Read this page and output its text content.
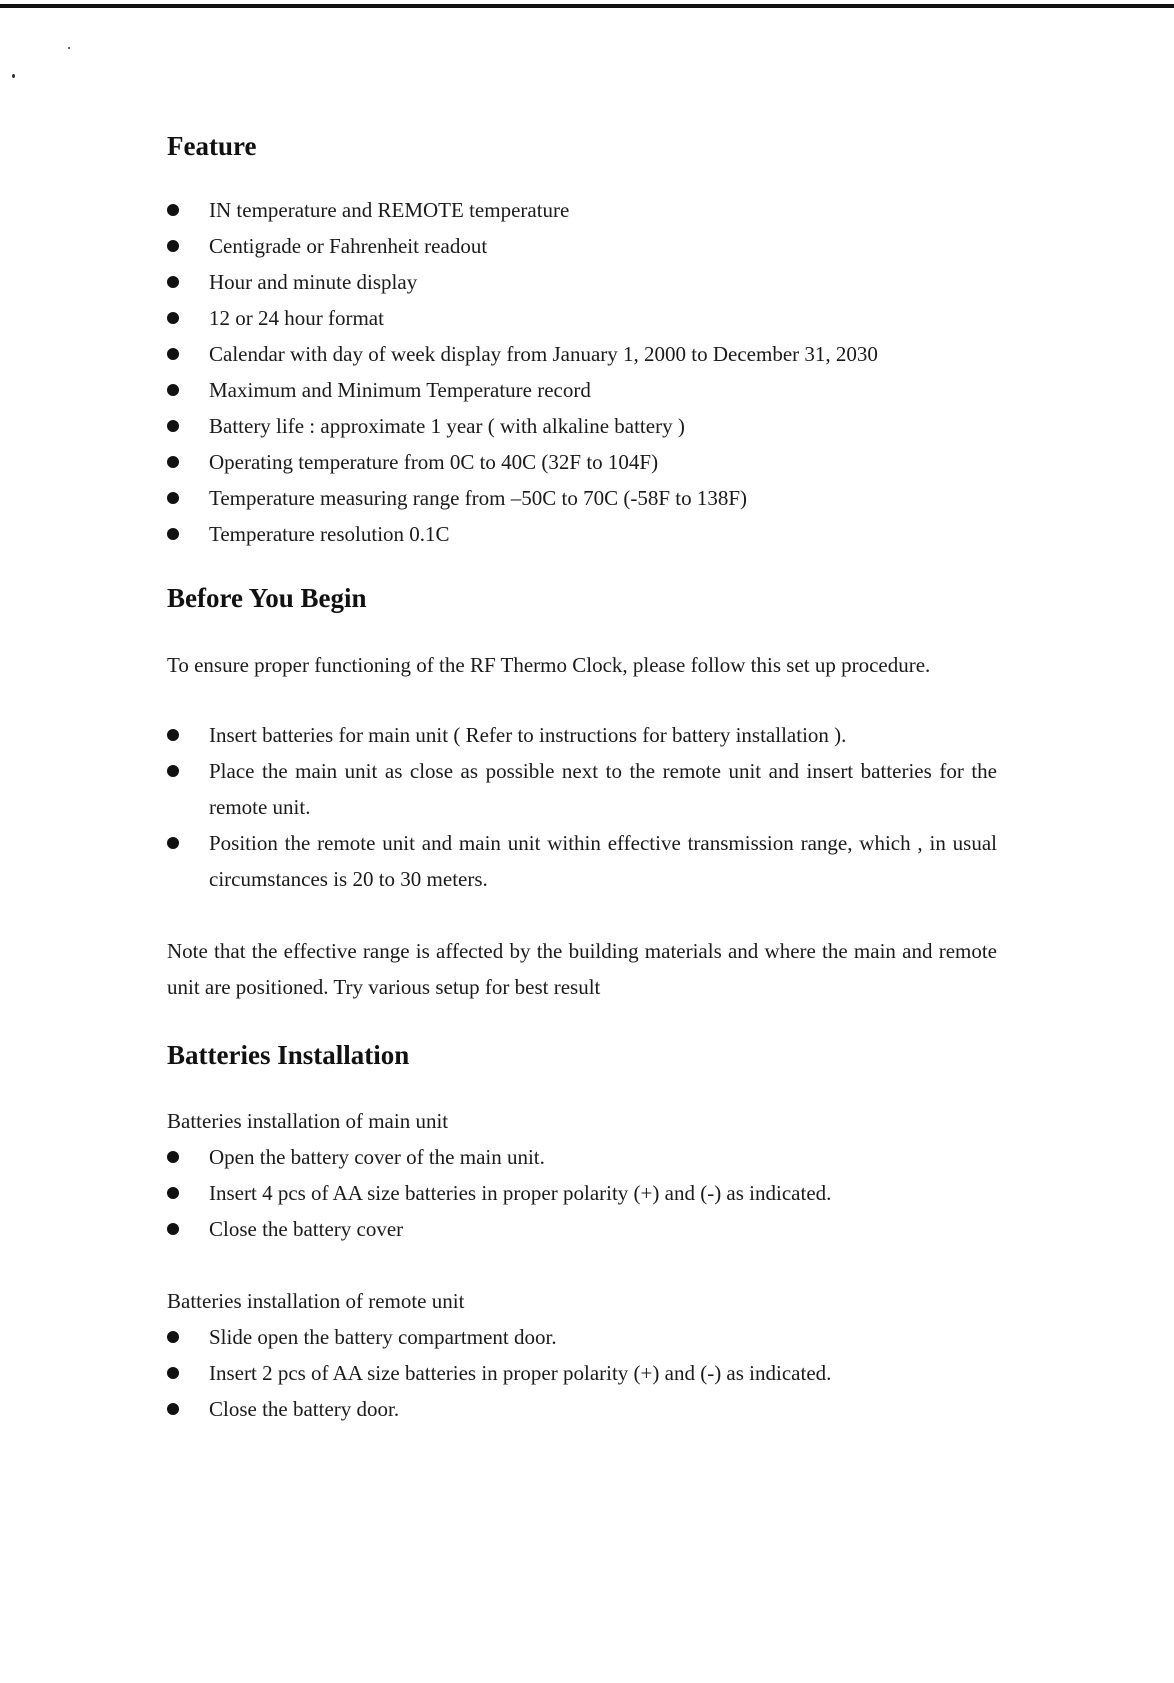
Feature
IN temperature and REMOTE temperature
Centigrade or Fahrenheit readout
Hour and minute display
12 or 24 hour format
Calendar with day of week display from January 1, 2000 to December 31, 2030
Maximum and Minimum Temperature record
Battery life : approximate 1 year ( with alkaline battery )
Operating temperature from 0C to 40C (32F to 104F)
Temperature measuring range from –50C to 70C (-58F to 138F)
Temperature resolution 0.1C
Before You Begin

To ensure proper functioning of the RF Thermo Clock, please follow this set up procedure.

Insert batteries for main unit ( Refer to instructions for battery installation ).
Place the main unit as close as possible next to the remote unit and insert batteries for the remote unit.
Position the remote unit and main unit within effective transmission range, which , in usual circumstances is 20 to 30 meters.

Note that the effective range is affected by the building materials and where the main and remote unit are positioned. Try various setup for best result

Batteries Installation

Batteries installation of main unit

Open the battery cover of the main unit.
Insert 4 pcs of AA size batteries in proper polarity (+) and (-) as indicated.
Close the battery cover

Batteries installation of remote unit

Slide open the battery compartment door.
Insert 2 pcs of AA size batteries in proper polarity (+) and (-) as indicated.
Close the battery door.
